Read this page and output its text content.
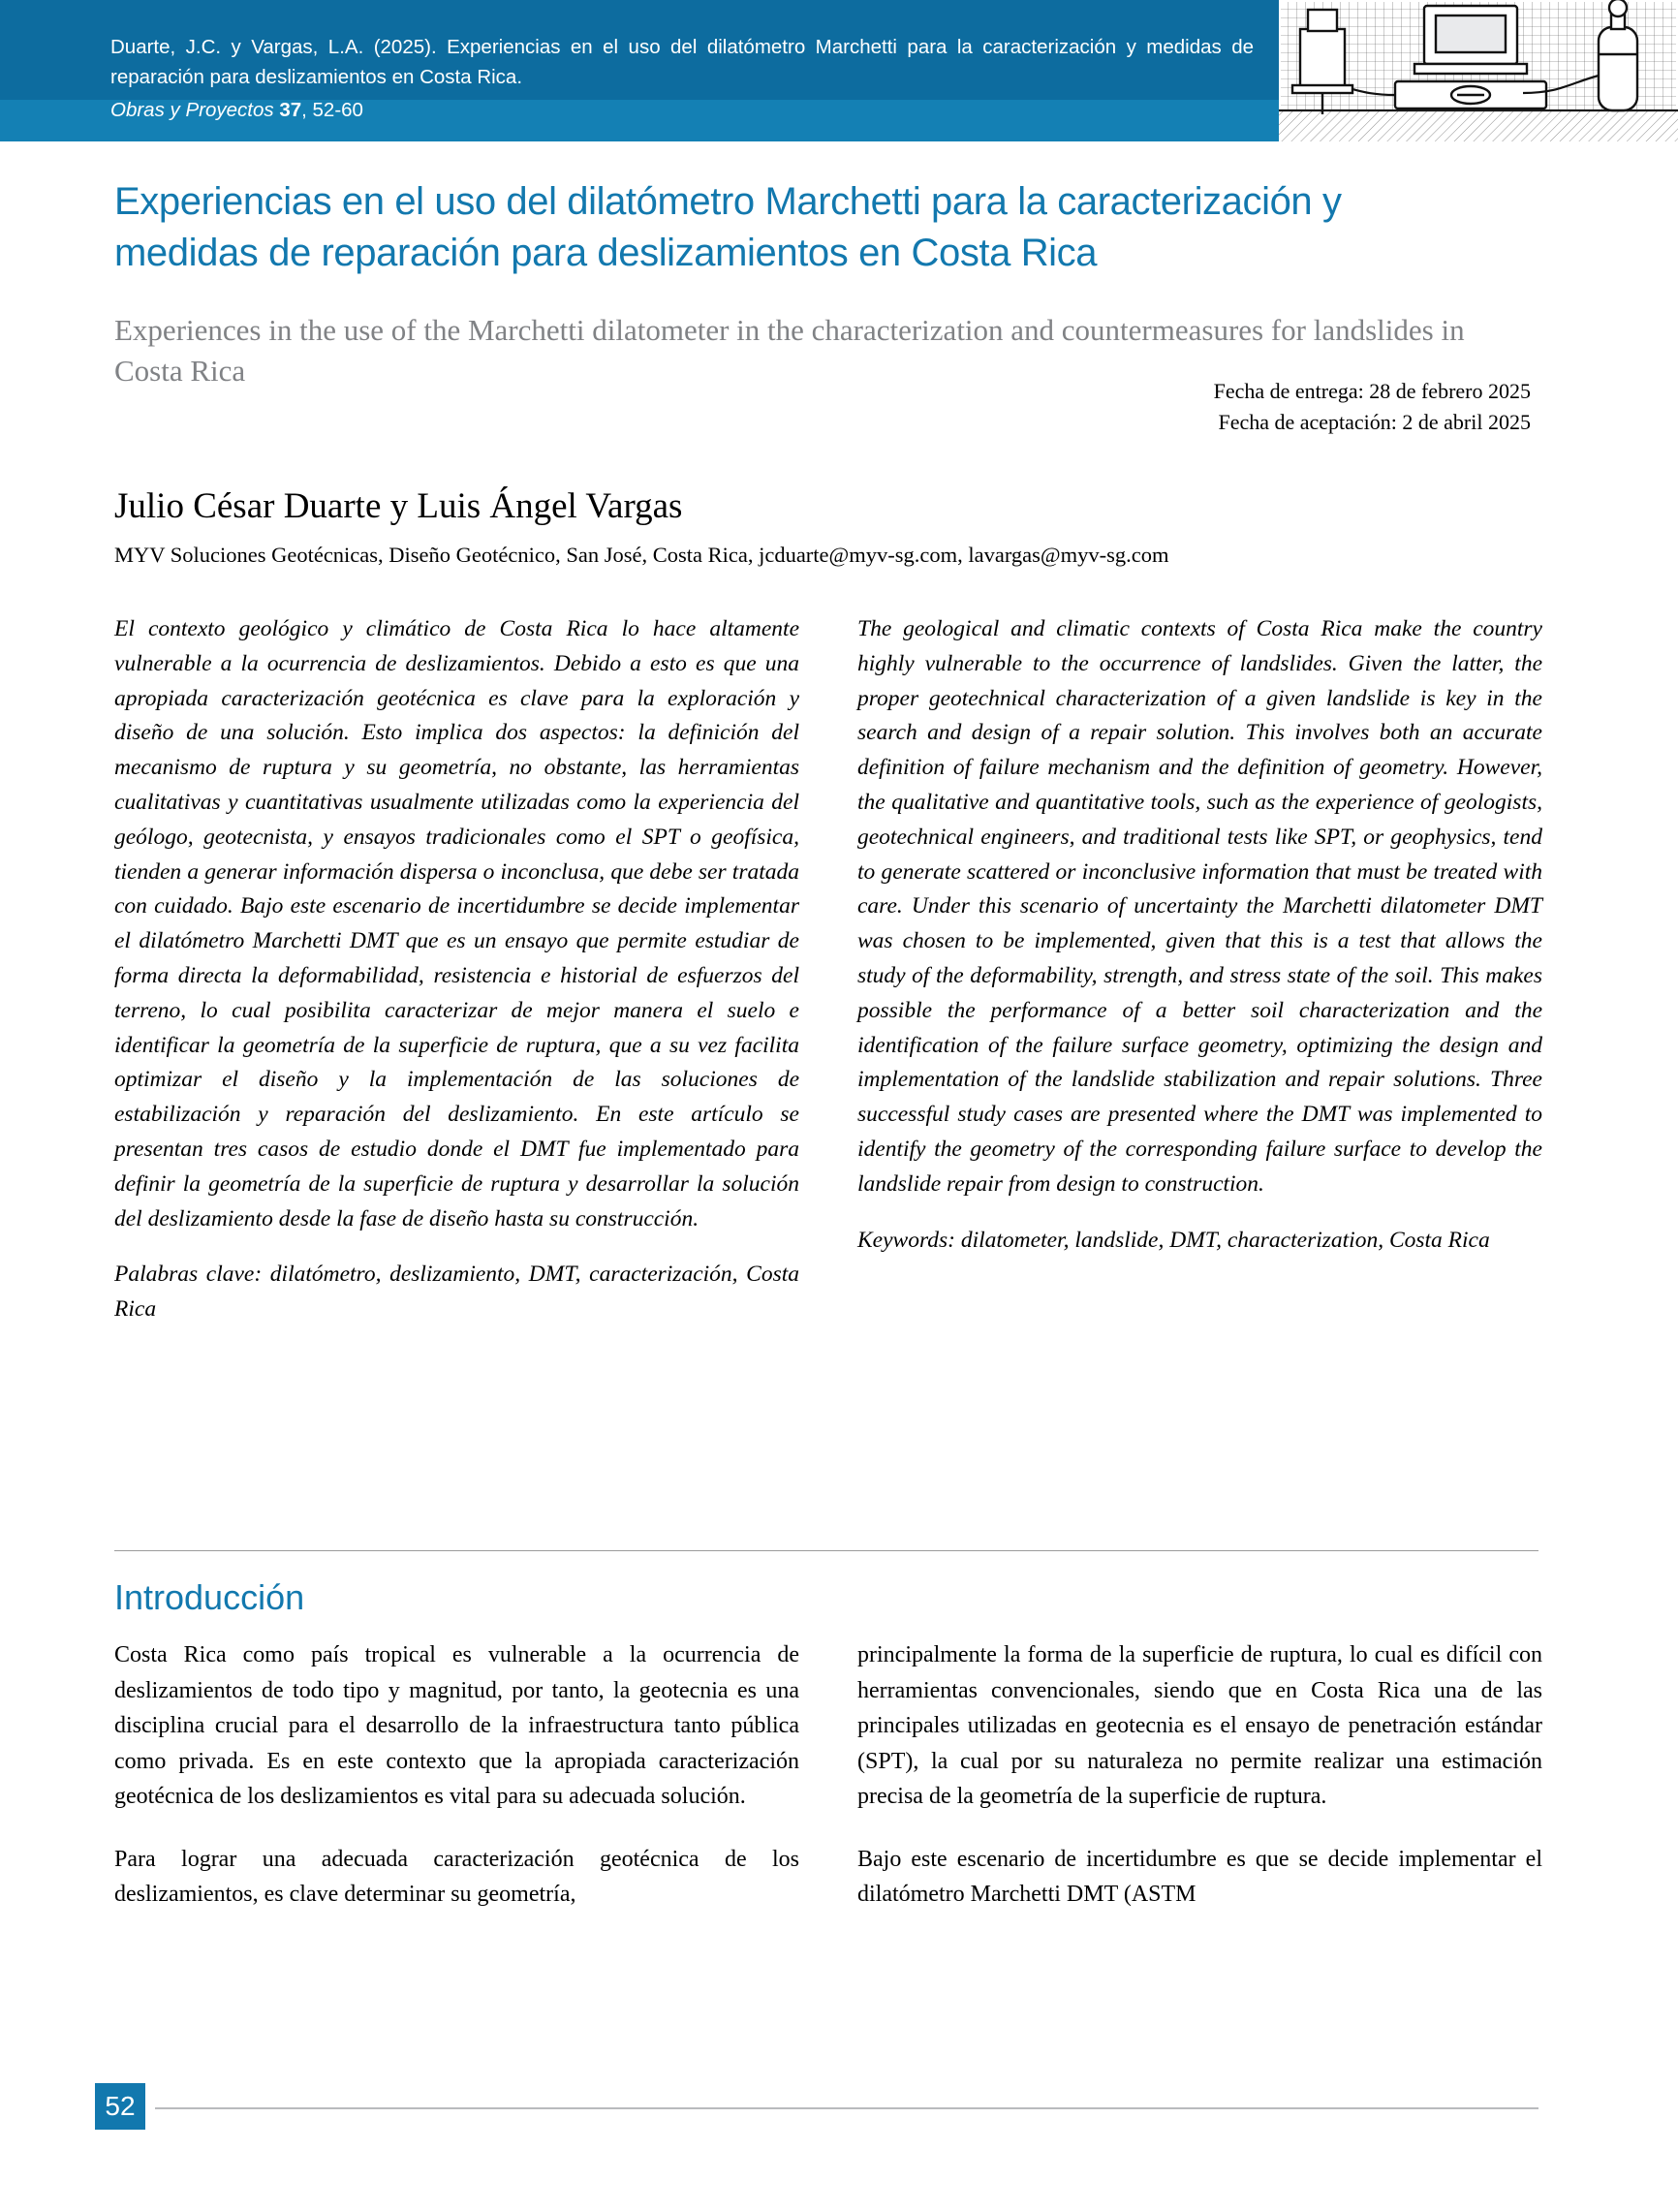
Duarte, J.C. y Vargas, L.A. (2025). Experiencias en el uso del dilatómetro Marchetti para la caracterización y medidas de reparación para deslizamientos en Costa Rica.
Obras y Proyectos 37, 52-60
Experiencias en el uso del dilatómetro Marchetti para la caracterización y
medidas de reparación para deslizamientos en Costa Rica
Experiences in the use of the Marchetti dilatometer in the characterization and countermeasures for landslides in Costa Rica
Fecha de entrega: 28 de febrero 2025
Fecha de aceptación: 2 de abril 2025
Julio César Duarte y Luis Ángel Vargas
MYV Soluciones Geotécnicas, Diseño Geotécnico, San José, Costa Rica, jcduarte@myv-sg.com, lavargas@myv-sg.com

El contexto geológico y climático de Costa Rica lo hace altamente vulnerable a la ocurrencia de deslizamientos. Debido a esto es que una apropiada caracterización geotécnica es clave para la exploración y diseño de una solución. Esto implica dos aspectos: la definición del mecanismo de ruptura y su geometría, no obstante, las herramientas cualitativas y cuantitativas usualmente utilizadas como la experiencia del geólogo, geotecnista, y ensayos tradicionales como el SPT o geofísica, tienden a generar información dispersa o inconclusa, que debe ser tratada con cuidado. Bajo este escenario de incertidumbre se decide implementar el dilatómetro Marchetti DMT que es un ensayo que permite estudiar de forma directa la deformabilidad, resistencia e historial de esfuerzos del terreno, lo cual posibilita caracterizar de mejor manera el suelo e identificar la geometría de la superficie de ruptura, que a su vez facilita optimizar el diseño y la implementación de las soluciones de estabilización y reparación del deslizamiento. En este artículo se presentan tres casos de estudio donde el DMT fue implementado para definir la geometría de la superficie de ruptura y desarrollar la solución del deslizamiento desde la fase de diseño hasta su construcción.

Palabras clave: dilatómetro, deslizamiento, DMT, caracterización, Costa Rica

The geological and climatic contexts of Costa Rica make the country highly vulnerable to the occurrence of landslides. Given the latter, the proper geotechnical characterization of a given landslide is key in the search and design of a repair solution. This involves both an accurate definition of failure mechanism and the definition of geometry. However, the qualitative and quantitative tools, such as the experience of geologists, geotechnical engineers, and traditional tests like SPT, or geophysics, tend to generate scattered or inconclusive information that must be treated with care. Under this scenario of uncertainty the Marchetti dilatometer DMT was chosen to be implemented, given that this is a test that allows the study of the deformability, strength, and stress state of the soil. This makes possible the performance of a better soil characterization and the identification of the failure surface geometry, optimizing the design and implementation of the landslide stabilization and repair solutions. Three successful study cases are presented where the DMT was implemented to identify the geometry of the corresponding failure surface to develop the landslide repair from design to construction.

Keywords: dilatometer, landslide, DMT, characterization, Costa Rica

Introducción

Costa Rica como país tropical es vulnerable a la ocurrencia de deslizamientos de todo tipo y magnitud, por tanto, la geotecnia es una disciplina crucial para el desarrollo de la infraestructura tanto pública como privada. Es en este contexto que la apropiada caracterización geotécnica de los deslizamientos es vital para su adecuada solución.

Para lograr una adecuada caracterización geotécnica de los deslizamientos, es clave determinar su geometría,

principalmente la forma de la superficie de ruptura, lo cual es difícil con herramientas convencionales, siendo que en Costa Rica una de las principales utilizadas en geotecnia es el ensayo de penetración estándar (SPT), la cual por su naturaleza no permite realizar una estimación precisa de la geometría de la superficie de ruptura.

Bajo este escenario de incertidumbre es que se decide implementar el dilatómetro Marchetti DMT (ASTM

52
